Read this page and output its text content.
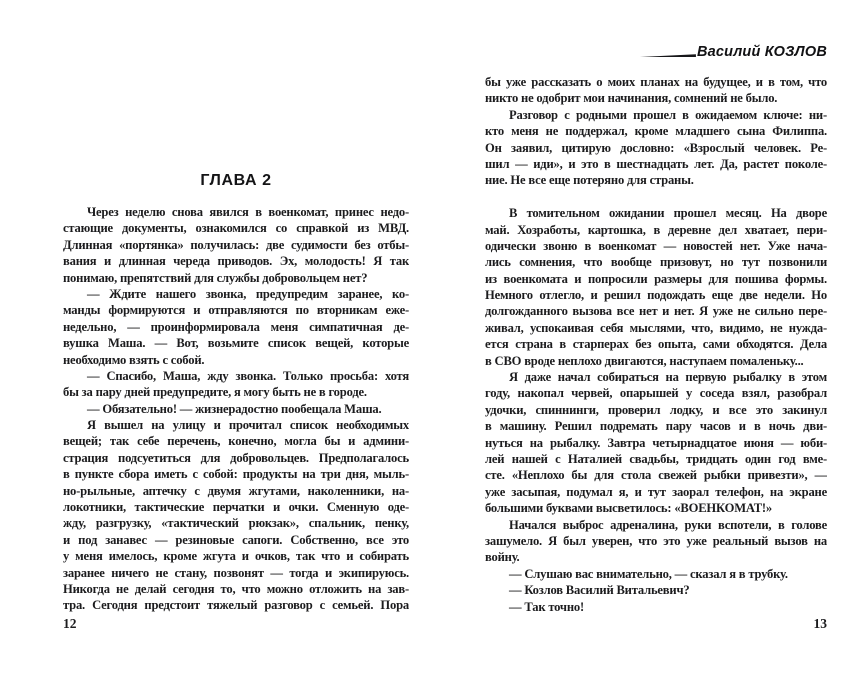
ГЛАВА 2
Через неделю снова явился в военкомат, принес недо-
стающие документы, ознакомился со справкой из МВД.
Длинная «портянка» получилась: две судимости без отбы-
вания и длинная череда приводов. Эх, молодость! Я так
понимаю, препятствий для службы добровольцем нет?
— Ждите нашего звонка, предупредим заранее, ко-
манды формируются и отправляются по вторникам еже-
недельно, — проинформировала меня симпатичная де-
вушка Маша. — Вот, возьмите список вещей, которые
необходимо взять с собой.
— Спасибо, Маша, жду звонка. Только просьба: хотя
бы за пару дней предупредите, я могу быть не в городе.
— Обязательно! — жизнерадостно пообещала Маша.
Я вышел на улицу и прочитал список необходимых
вещей; так себе перечень, конечно, могла бы и админи-
страция подсуетиться для добровольцев. Предполагалось
в пункте сбора иметь с собой: продукты на три дня, мыль-
но-рыльные, аптечку с двумя жгутами, наколенники, на-
локотники, тактические перчатки и очки. Сменную оде-
жду, разгрузку, «тактический рюкзак», спальник, пенку,
и под занавес — резиновые сапоги. Собственно, все это
у меня имелось, кроме жгута и очков, так что и собирать
заранее ничего не стану, позвонят — тогда и экипируюсь.
Никогда не делай сегодня то, что можно отложить на зав-
тра. Сегодня предстоит тяжелый разговор с семьей. Пора
12
Василий КОЗЛОВ
бы уже рассказать о моих планах на будущее, и в том, что
никто не одобрит мои начинания, сомнений не было.
Разговор с родными прошел в ожидаемом ключе: ни-
кто меня не поддержал, кроме младшего сына Филиппа.
Он заявил, цитирую дословно: «Взрослый человек. Ре-
шил — иди», и это в шестнадцать лет. Да, растет поколе-
ние. Не все еще потеряно для страны.
В томительном ожидании прошел месяц. На дворе
май. Хозработы, картошка, в деревне дел хватает, пери-
одически звоню в военкомат — новостей нет. Уже нача-
лись сомнения, что вообще призовут, но тут позвонили
из военкомата и попросили размеры для пошива формы.
Немного отлегло, и решил подождать еще две недели. Но
долгожданного вызова все нет и нет. Я уже не сильно пере-
живал, успокаивая себя мыслями, что, видимо, не нужда-
ется страна в старперах без опыта, сами обходятся. Дела
в СВО вроде неплохо двигаются, наступаем помаленьку...
Я даже начал собираться на первую рыбалку в этом
году, накопал червей, опарышей у соседа взял, разобрал
удочки, спиннинги, проверил лодку, и все это закинул
в машину. Решил подремать пару часов и в ночь дви-
нуться на рыбалку. Завтра четырнадцатое июня — юби-
лей нашей с Наталией свадьбы, тридцать один год вме-
сте. «Неплохо бы для стола свежей рыбки привезти», —
уже засыпая, подумал я, и тут заорал телефон, на экране
большими буквами высветилось: «ВОЕНКОМАТ!»
Начался выброс адреналина, руки вспотели, в голове
зашумело. Я был уверен, что это уже реальный вызов на
войну.
— Слушаю вас внимательно, — сказал я в трубку.
— Козлов Василий Витальевич?
— Так точно!
13
